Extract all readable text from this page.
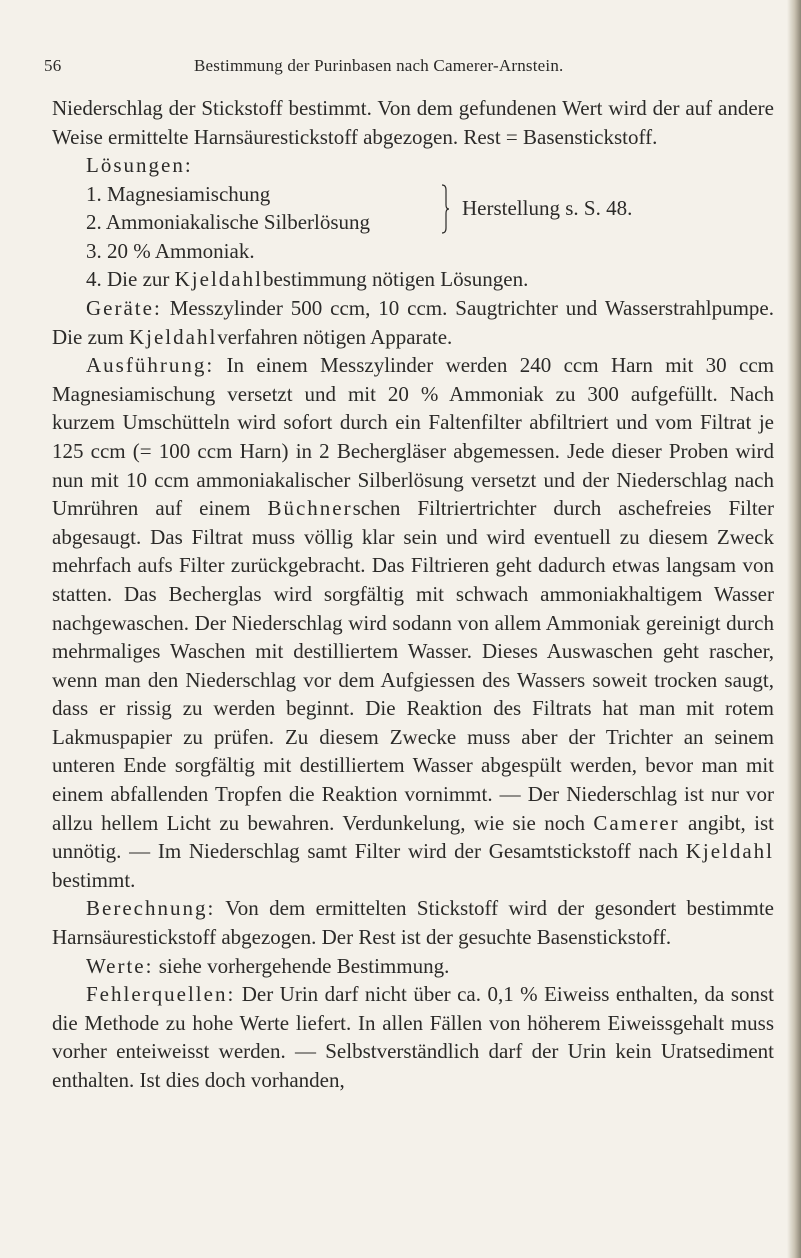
56	Bestimmung der Purinbasen nach Camerer-Arnstein.
Niederschlag der Stickstoff bestimmt. Von dem gefundenen Wert wird der auf andere Weise ermittelte Harnsäurestickstoff abgezogen. Rest = Basenstickstoff.
Lösungen:
1. Magnesiamischung
2. Ammoniakalische Silberlösung
Herstellung s. S. 48.
3. 20 % Ammoniak.
4. Die zur Kjeldahlbestimmung nötigen Lösungen.
Geräte: Messzylinder 500 ccm, 10 ccm. Saugtrichter und Wasserstrahlpumpe. Die zum Kjeldahlverfahren nötigen Apparate.
Ausführung: In einem Messzylinder werden 240 ccm Harn mit 30 ccm Magnesiamischung versetzt und mit 20 % Ammoniak zu 300 aufgefüllt. Nach kurzem Umschütteln wird sofort durch ein Faltenfilter abfiltriert und vom Filtrat je 125 ccm (= 100 ccm Harn) in 2 Bechergläser abgemessen. Jede dieser Proben wird nun mit 10 ccm ammoniakalischer Silberlösung versetzt und der Niederschlag nach Umrühren auf einem Büchnerschen Filtriertrichter durch aschefreies Filter abgesaugt. Das Filtrat muss völlig klar sein und wird eventuell zu diesem Zweck mehrfach aufs Filter zurückgebracht. Das Filtrieren geht dadurch etwas langsam von statten. Das Becherglas wird sorgfältig mit schwach ammoniakhaltigem Wasser nachgewaschen. Der Niederschlag wird sodann von allem Ammoniak gereinigt durch mehrmaliges Waschen mit destilliertem Wasser. Dieses Auswaschen geht rascher, wenn man den Niederschlag vor dem Aufgiessen des Wassers soweit trocken saugt, dass er rissig zu werden beginnt. Die Reaktion des Filtrats hat man mit rotem Lakmuspapier zu prüfen. Zu diesem Zwecke muss aber der Trichter an seinem unteren Ende sorgfältig mit destilliertem Wasser abgespült werden, bevor man mit einem abfallenden Tropfen die Reaktion vornimmt. — Der Niederschlag ist nur vor allzu hellem Licht zu bewahren. Verdunkelung, wie sie noch Camerer angibt, ist unnötig. — Im Niederschlag samt Filter wird der Gesamtstickstoff nach Kjeldahl bestimmt.
Berechnung: Von dem ermittelten Stickstoff wird der gesondert bestimmte Harnsäurestickstoff abgezogen. Der Rest ist der gesuchte Basenstickstoff.
Werte: siehe vorhergehende Bestimmung.
Fehlerquellen: Der Urin darf nicht über ca. 0,1 % Eiweiss enthalten, da sonst die Methode zu hohe Werte liefert. In allen Fällen von höherem Eiweissgehalt muss vorher enteiweisst werden. — Selbstverständlich darf der Urin kein Uratsediment enthalten. Ist dies doch vorhanden,
